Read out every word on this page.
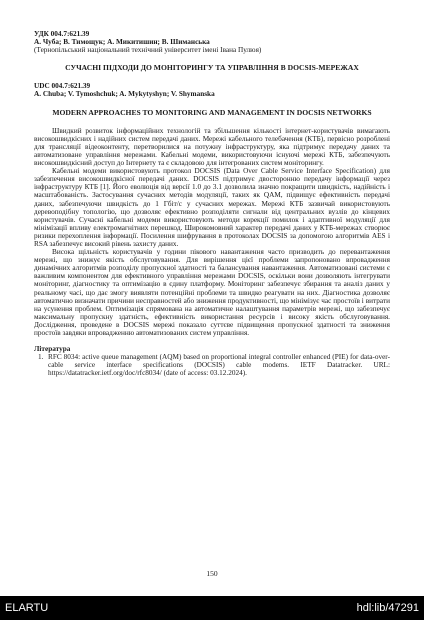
УДК 004.7:621.39

А. Чуба; В. Тимощук; А. Микитишин; В. Шиманська

(Тернопільський національний технічний університет імені Івана Пулюя)

СУЧАСНІ ПІДХОДИ ДО МОНІТОРИНГУ ТА УПРАВЛІННЯ В DOCSIS-МЕРЕЖАХ

UDC 004.7:621.39

A. Chuba; V. Tymoshchuk; A. Mykytyshyn; V. Shymanska

MODERN APPROACHES TO MONITORING AND MANAGEMENT IN DOCSIS NETWORKS

Швидкий розвиток інформаційних технологій та збільшення кількості інтернет-користувачів вимагають високошвидкісних і надійних систем передачі даних. Мережі кабельного телебачення (КТБ), первісно розроблені для трансляції відеоконтенту, перетворилися на потужну інфраструктуру, яка підтримує передачу даних та автоматизоване управління мережами. Кабельні модеми, використовуючи існуючі мережі КТБ, забезпечують високошвидкісний доступ до Інтернету та є складовою для інтегрованих систем моніторингу.

Кабельні модеми використовують протокол DOCSIS (Data Over Cable Service Interface Specification) для забезпечення високошвидкісної передачі даних. DOCSIS підтримує двосторонню передачу інформації через інфраструктуру КТБ [1]. Його еволюція від версії 1.0 до 3.1 дозволила значно покращити швидкість, надійність і масштабованість. Застосування сучасних методів модуляції, таких як QAM, підвищує ефективність передачі даних, забезпечуючи швидкість до 1 Гбіт/с у сучасних мережах. Мережі КТБ зазвичай використовують деревоподібну топологію, що дозволяє ефективно розподіляти сигнали від центральних вузлів до кінцевих користувачів. Сучасні кабельні модеми використовують методи корекції помилок і адаптивної модуляції для мінімізації впливу електромагнітних перешкод. Широкомовний характер передачі даних у КТБ-мережах створює ризики перехоплення інформації. Посилення шифрування в протоколах DOCSIS за допомогою алгоритмів AES і RSA забезпечує високий рівень захисту даних.

Висока щільність користувачів у години пікового навантаження часто призводить до перевантаження мережі, що знижує якість обслуговування. Для вирішення цієї проблеми запропоновано впровадження динамічних алгоритмів розподілу пропускної здатності та балансування навантаження. Автоматизовані системи є важливим компонентом для ефективного управління мережами DOCSIS, оскільки вони дозволяють інтегрувати моніторинг, діагностику та оптимізацію в єдину платформу. Моніторинг забезпечує збирання та аналіз даних у реальному часі, що дає змогу виявляти потенційні проблеми та швидко реагувати на них. Діагностика дозволяє автоматично визначати причини несправностей або зниження продуктивності, що мінімізує час простоїв і витрати на усунення проблем. Оптимізація спрямована на автоматичне налаштування параметрів мережі, що забезпечує максимальну пропускну здатність, ефективність використання ресурсів і високу якість обслуговування. Дослідження, проведене в DOCSIS мережі показало суттєве підвищення пропускної здатності та зниження простоїв завдяки впровадженню автоматизованих систем управління.

Література

1. RFC 8034: active queue management (AQM) based on proportional integral controller enhanced (PIE) for data-over-cable service interface specifications (DOCSIS) cable modems. IETF Datatracker. URL: https://datatracker.ietf.org/doc/rfc8034/ (date of access: 03.12.2024).
150
ELARTU	hdl:lib/47291
